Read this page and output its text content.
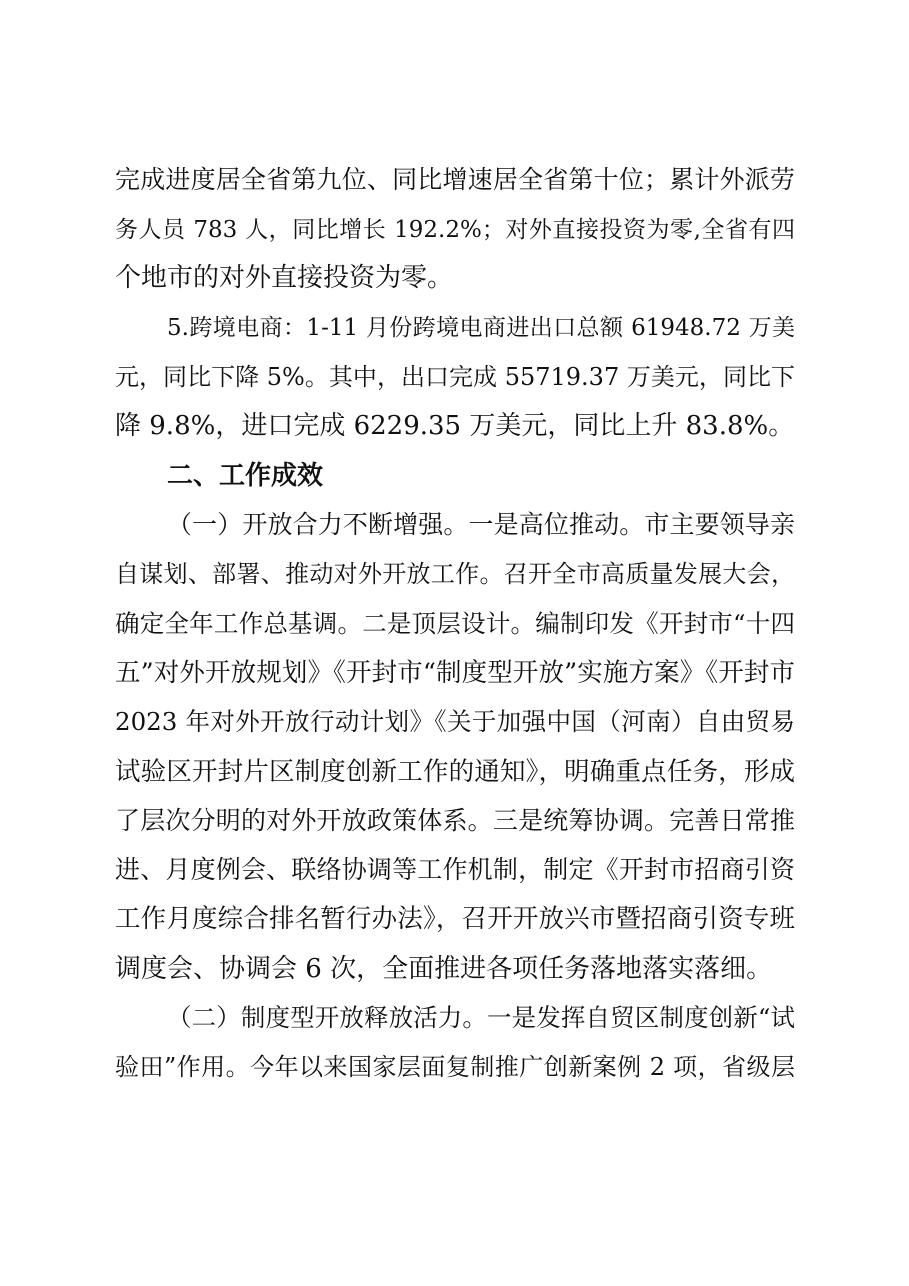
完成进度居全省第九位、同比增速居全省第十位；累计外派劳
务人员 783 人，同比增长 192.2%；对外直接投资为零,全省有四
个地市的对外直接投资为零。
5.跨境电商：1-11 月份跨境电商进出口总额 61948.72 万美
元，同比下降 5%。其中，出口完成 55719.37 万美元，同比下
降 9.8%，进口完成 6229.35 万美元，同比上升 83.8%。
二、工作成效
（一）开放合力不断增强。一是高位推动。市主要领导亲
自谋划、部署、推动对外开放工作。召开全市高质量发展大会，
确定全年工作总基调。二是顶层设计。编制印发《开封市“十四
五”对外开放规划》《开封市“制度型开放”实施方案》《开封市
2023 年对外开放行动计划》《关于加强中国（河南）自由贸易
试验区开封片区制度创新工作的通知》，明确重点任务，形成
了层次分明的对外开放政策体系。三是统筹协调。完善日常推
进、月度例会、联络协调等工作机制，制定《开封市招商引资
工作月度综合排名暂行办法》，召开开放兴市暨招商引资专班
调度会、协调会 6 次，全面推进各项任务落地落实落细。
（二）制度型开放释放活力。一是发挥自贸区制度创新“试
验田”作用。今年以来国家层面复制推广创新案例 2 项，省级层
